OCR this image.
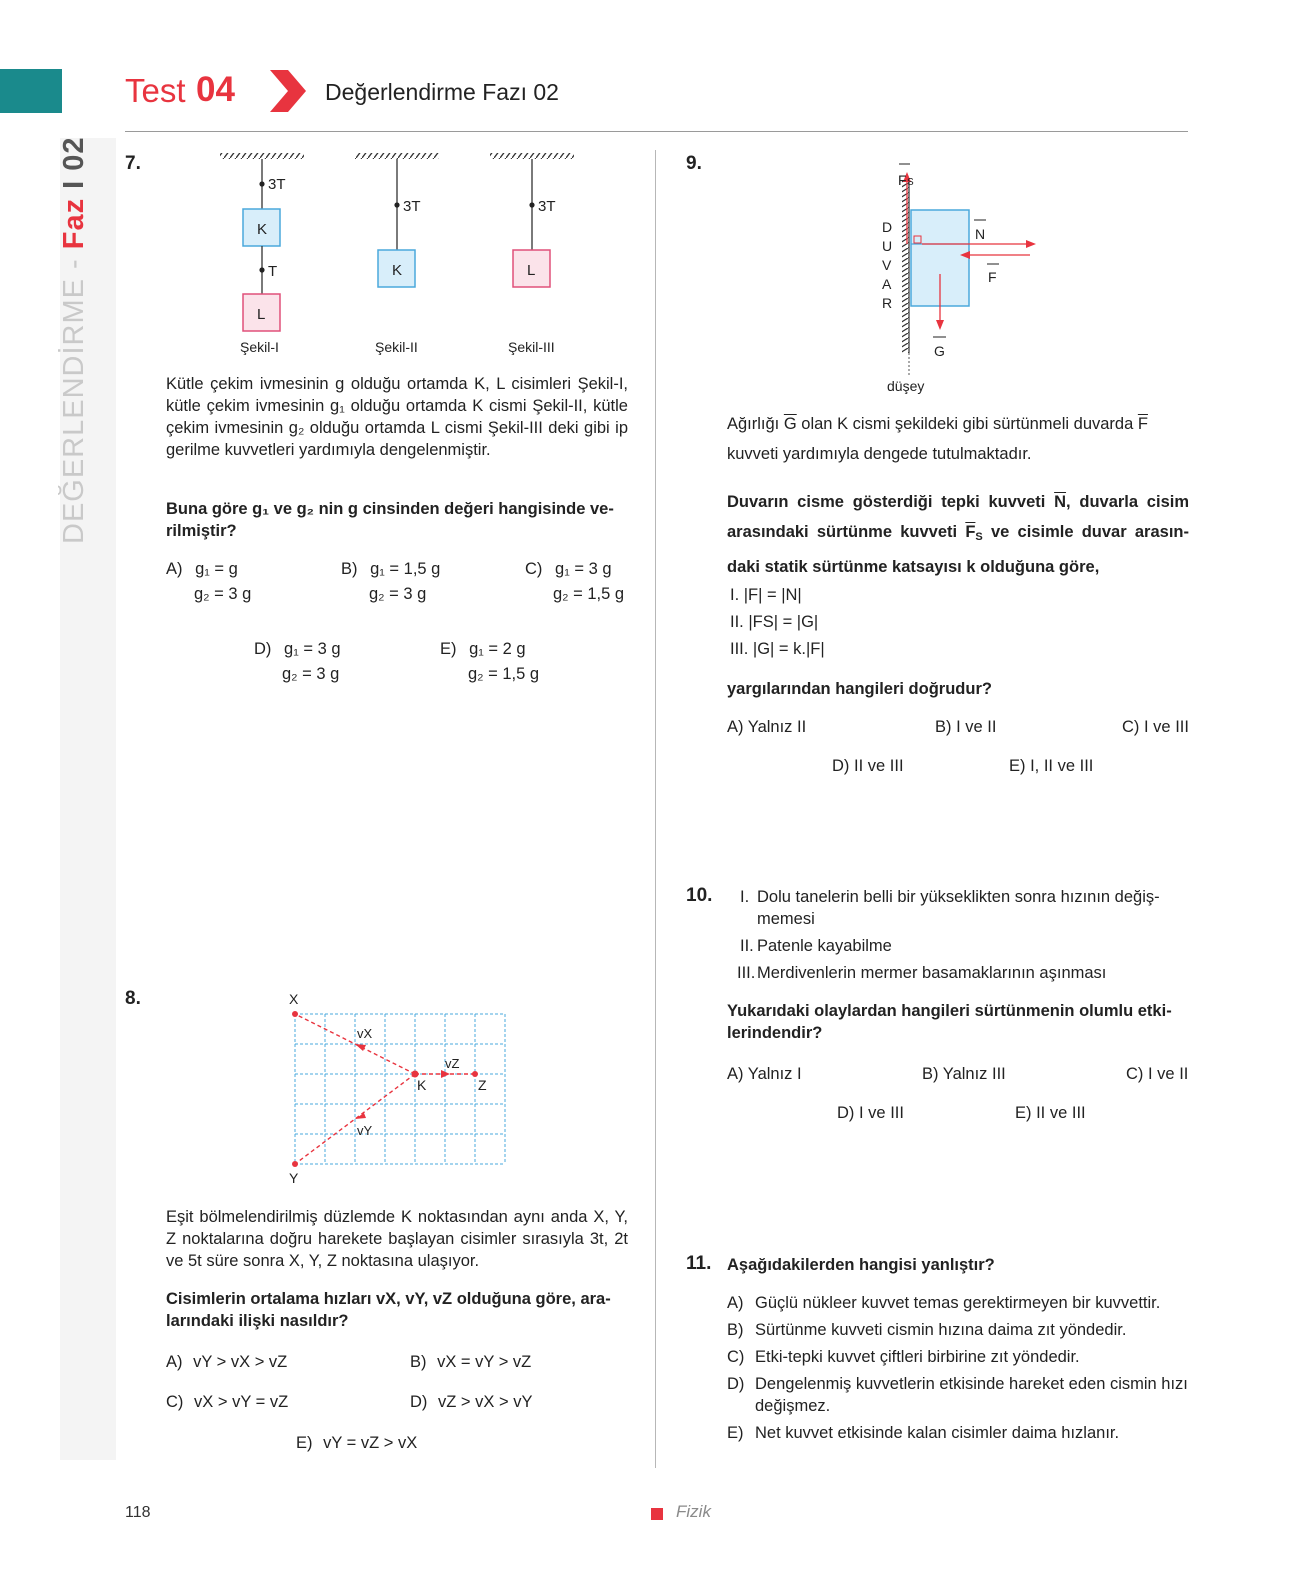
Test 04	Değerlendirme Fazı 02
DEĞERLENDİRME - Faz I 02	7.
3T
K
T
L
Şekil-I
3T
K
Şekil-II
3T
L
Şekil-III
Kütle çekim ivmesinin g olduğu ortamda K, L cisimleri Şekil-I, kütle çekim ivmesinin g₁ olduğu ortamda K cismi Şekil-II, kütle çekim ivmesinin g₂ olduğu ortamda L cismi Şekil-III deki gibi ip gerilme kuvvetleri yardımıyla dengelenmiştir.
Buna göre g₁ ve g₂ nin g cinsinden değeri hangisinde verilmiştir?
A) g₁ = g
g₂ = 3 g
B) g₁ = 1,5 g
g₂ = 3 g
C) g₁ = 3 g
g₂ = 1,5 g
D) g₁ = 3 g
g₂ = 3 g
E) g₁ = 2 g
g₂ = 1,5 g
8.	X
Y
Z
K
vX
vY
vZ
Eşit bölmelendirilmiş düzlemde K noktasından aynı anda X, Y, Z noktalarına doğru harekete başlayan cisimler sırasıyla 3t, 2t ve 5t süre sonra X, Y, Z noktasına ulaşıyor.
Cisimlerin ortalama hızları vX, vY, vZ olduğuna göre, aralarındaki ilişki nasıldır?
A) vY > vX > vZ	B) vX = vY > vZ
C) vX > vY = vZ	D) vZ > vX > vY
E) vY = vZ > vX
9.
D
U
V
A
R
F S
N
F
G
düşey
Ağırlığı $\overline{G}$ olan K cismi şekildeki gibi sürtünmeli duvarda $\overline{F}$
kuvveti yardımıyla dengede tutulmaktadır.
Duvarın cisme gösterdiği tepki kuvveti $\overline{N}$, duvarla cisim arasındaki sürtünme kuvveti $\overline{F}_S$ ve cisimle duvar arasındaki statik sürtünme katsayısı k olduğuna göre,
I. |F| = |N|
II. |FS| = |G|
III. |G| = k.|F|
yargılarından hangileri doğrudur?
A) Yalnız II	B) I ve II	C) I ve III
D) II ve III	E) I, II ve III
10. I. Dolu tanelerin belli bir yükseklikten sonra hızının değişmemesi
II. Patenle kayabilme
III. Merdivenlerin mermer basamaklarının aşınması
Yukarıdaki olaylardan hangileri sürtünmenin olumlu etkilerindendir?
A) Yalnız I	B) Yalnız III	C) I ve II
D) I ve III	E) II ve III
11. Aşağıdakilerden hangisi yanlıştır?
A) Güçlü nükleer kuvvet temas gerektirmeyen bir kuvvettir.
B) Sürtünme kuvveti cismin hızına daima zıt yöndedir.
C) Etki-tepki kuvvet çiftleri birbirine zıt yöndedir.
D) Dengelenmiş kuvvetlerin etkisinde hareket eden cismin hızı değişmez.
E) Net kuvvet etkisinde kalan cisimler daima hızlanır.
118	Fizik
